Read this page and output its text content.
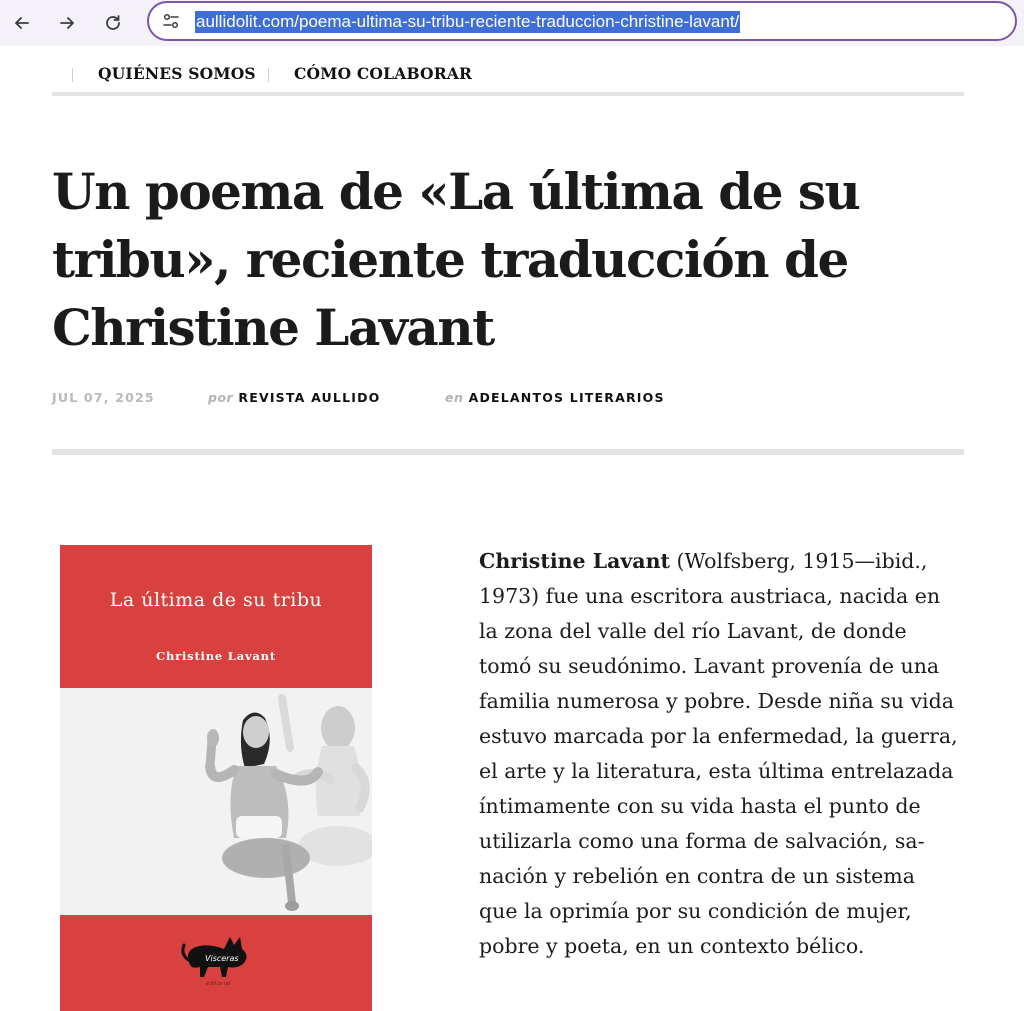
aullidolit.com/poema-ultima-su-tribu-reciente-traduccion-christine-lavant/
QUIÉNES SOMOS CÓMO COLABORAR
Un poema de «La última de su
tribu», reciente traducción de
Christine Lavant
JUL 07, 2025	por REVISTA AULLIDO	en ADELANTOS LITERARIOS
La última de su tribu
Christine Lavant
Visceras
editorial
Christine Lavant (Wolfsberg, 1915—ibid.,
1973) fue una escritora austriaca, nacida en
la zona del valle del río Lavant, de donde
tomó su seudónimo. Lavant provenía de una
familia numerosa y pobre. Desde niña su vida
estuvo marcada por la enfermedad, la guerra,
el arte y la literatura, esta última entrelazada
íntimamente con su vida hasta el punto de
utilizarla como una forma de salvación, sa-
nación y rebelión en contra de un sistema
que la oprimía por su condición de mujer,
pobre y poeta, en un contexto bélico.
